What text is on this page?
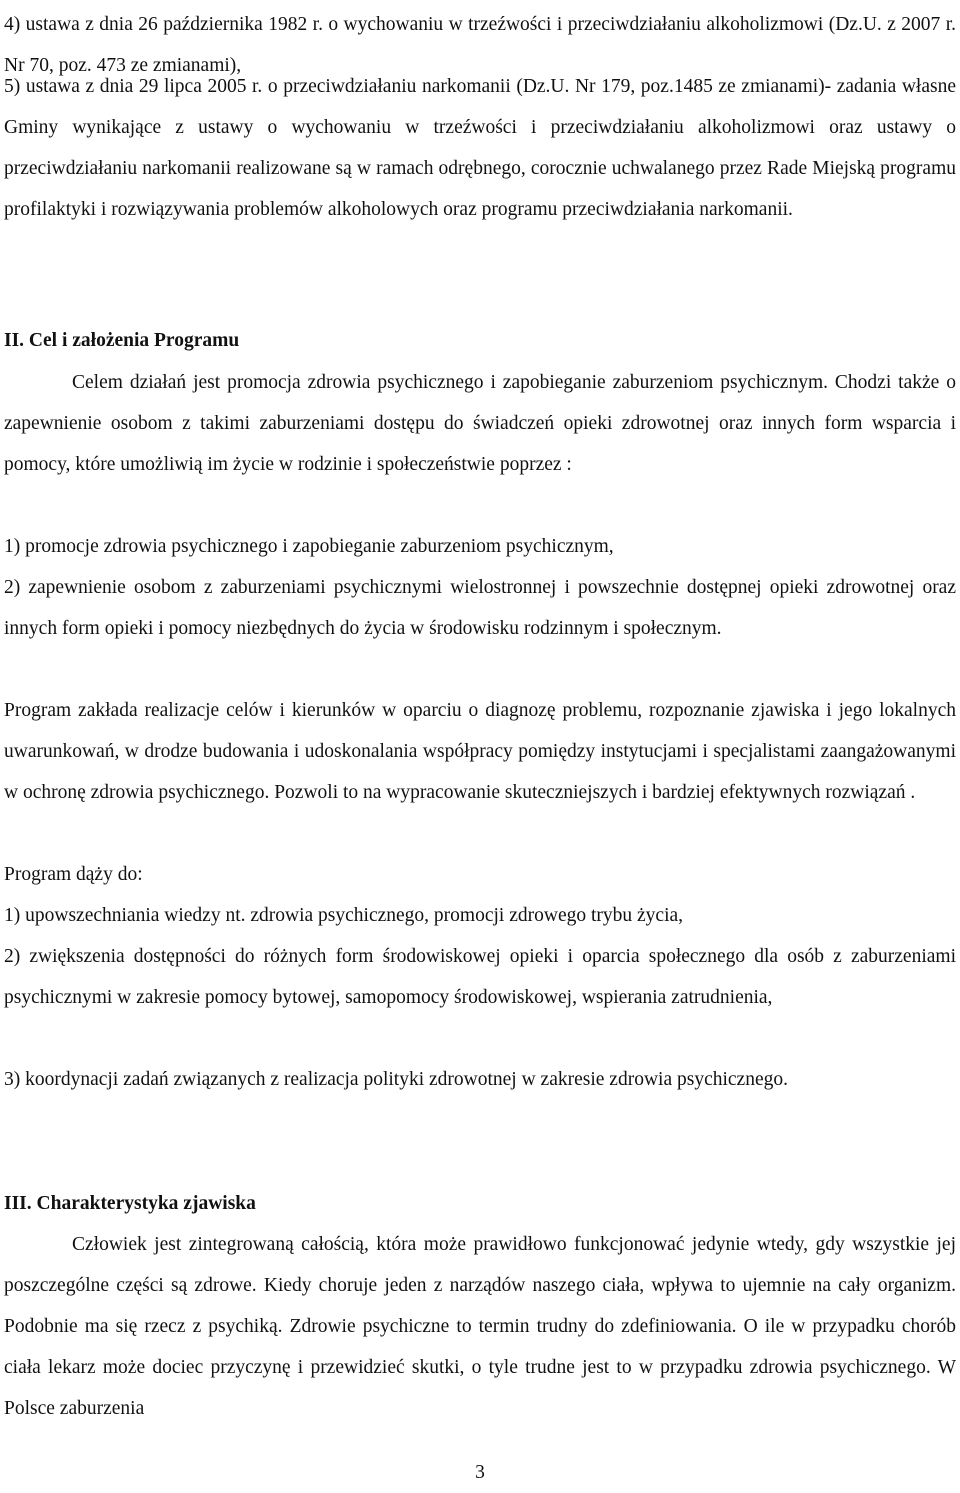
4) ustawa z dnia 26 października 1982 r. o wychowaniu w trzeźwości i przeciwdziałaniu alkoholizmowi (Dz.U. z 2007 r. Nr 70, poz. 473 ze zmianami),

5) ustawa z dnia 29 lipca 2005 r. o przeciwdziałaniu narkomanii (Dz.U. Nr 179, poz.1485 ze zmianami)- zadania własne Gminy wynikające z ustawy o wychowaniu w trzeźwości i przeciwdziałaniu alkoholizmowi oraz ustawy o przeciwdziałaniu narkomanii realizowane są w ramach odrębnego, corocznie uchwalanego przez Rade Miejską programu profilaktyki i rozwiązywania problemów alkoholowych oraz programu przeciwdziałania narkomanii.

II. Cel i założenia Programu

Celem działań jest promocja zdrowia psychicznego i zapobieganie zaburzeniom psychicznym. Chodzi także o zapewnienie osobom z takimi zaburzeniami dostępu do świadczeń opieki zdrowotnej oraz innych form wsparcia i pomocy, które umożliwią im życie w rodzinie i społeczeństwie poprzez :

1) promocje zdrowia psychicznego i zapobieganie zaburzeniom psychicznym,

2) zapewnienie osobom z zaburzeniami psychicznymi wielostronnej i powszechnie dostępnej opieki zdrowotnej oraz innych form opieki i pomocy niezbędnych do życia w środowisku rodzinnym i społecznym.

Program zakłada realizacje celów i kierunków w oparciu o diagnozę problemu, rozpoznanie zjawiska i jego lokalnych uwarunkowań, w drodze budowania i udoskonalania współpracy pomiędzy instytucjami i specjalistami zaangażowanymi w ochronę zdrowia psychicznego. Pozwoli to na wypracowanie skuteczniejszych i bardziej efektywnych rozwiązań .

Program dąży do:

1) upowszechniania wiedzy nt. zdrowia psychicznego, promocji zdrowego trybu życia,

2) zwiększenia dostępności do różnych form środowiskowej opieki i oparcia społecznego dla osób z zaburzeniami psychicznymi w zakresie pomocy bytowej, samopomocy środowiskowej, wspierania zatrudnienia,

3) koordynacji zadań związanych z realizacja polityki zdrowotnej w zakresie zdrowia psychicznego.

III. Charakterystyka zjawiska

Człowiek jest zintegrowaną całością, która może prawidłowo funkcjonować jedynie wtedy, gdy wszystkie jej poszczególne części są zdrowe. Kiedy choruje jeden z narządów naszego ciała, wpływa to ujemnie na cały organizm. Podobnie ma się rzecz z psychiką. Zdrowie psychiczne to termin trudny do zdefiniowania. O ile w przypadku chorób ciała lekarz może dociec przyczynę i przewidzieć skutki, o tyle trudne jest to w przypadku zdrowia psychicznego. W Polsce zaburzenia

3
